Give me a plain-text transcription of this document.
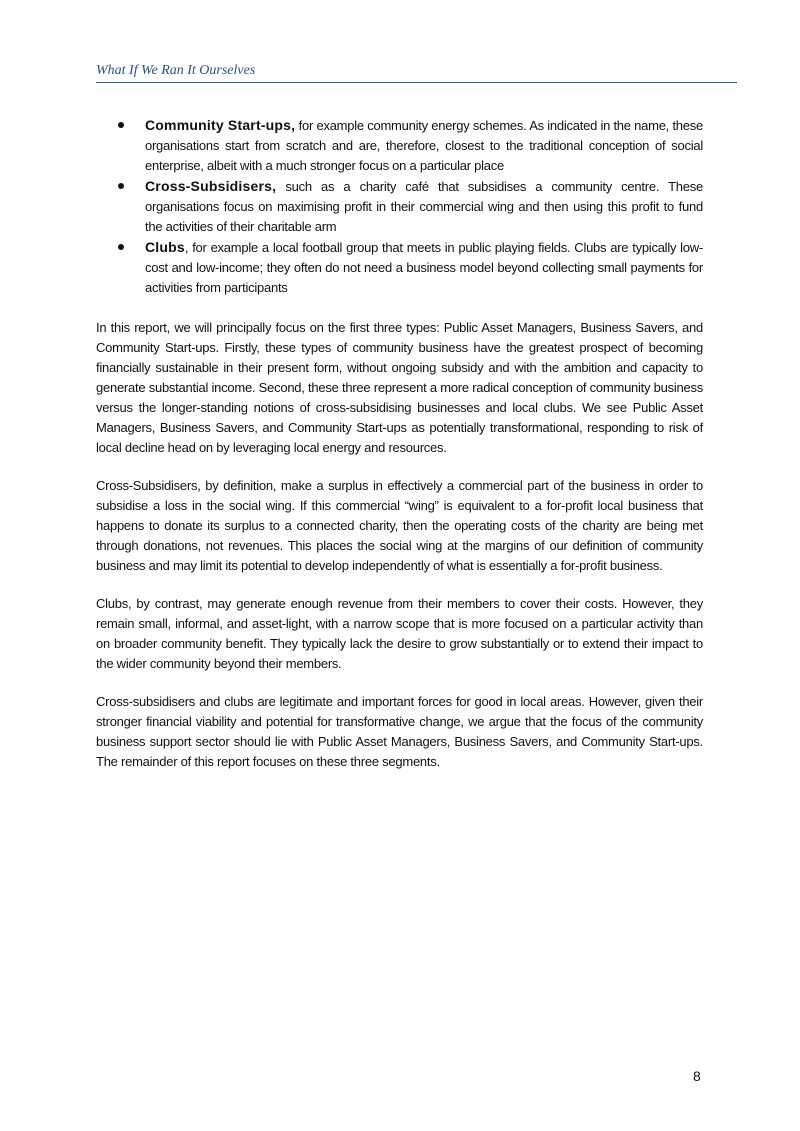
What If We Ran It Ourselves
Community Start-ups, for example community energy schemes. As indicated in the name, these organisations start from scratch and are, therefore, closest to the traditional conception of social enterprise, albeit with a much stronger focus on a particular place
Cross-Subsidisers, such as a charity café that subsidises a community centre. These organisations focus on maximising profit in their commercial wing and then using this profit to fund the activities of their charitable arm
Clubs, for example a local football group that meets in public playing fields. Clubs are typically low-cost and low-income; they often do not need a business model beyond collecting small payments for activities from participants

In this report, we will principally focus on the first three types: Public Asset Managers, Business Savers, and Community Start-ups. Firstly, these types of community business have the greatest prospect of becoming financially sustainable in their present form, without ongoing subsidy and with the ambition and capacity to generate substantial income. Second, these three represent a more radical conception of community business versus the longer-standing notions of cross-subsidising businesses and local clubs. We see Public Asset Managers, Business Savers, and Community Start-ups as potentially transformational, responding to risk of local decline head on by leveraging local energy and resources.

Cross-Subsidisers, by definition, make a surplus in effectively a commercial part of the business in order to subsidise a loss in the social wing. If this commercial “wing” is equivalent to a for-profit local business that happens to donate its surplus to a connected charity, then the operating costs of the charity are being met through donations, not revenues. This places the social wing at the margins of our definition of community business and may limit its potential to develop independently of what is essentially a for-profit business.

Clubs, by contrast, may generate enough revenue from their members to cover their costs. However, they remain small, informal, and asset-light, with a narrow scope that is more focused on a particular activity than on broader community benefit. They typically lack the desire to grow substantially or to extend their impact to the wider community beyond their members.

Cross-subsidisers and clubs are legitimate and important forces for good in local areas. However, given their stronger financial viability and potential for transformative change, we argue that the focus of the community business support sector should lie with Public Asset Managers, Business Savers, and Community Start-ups. The remainder of this report focuses on these three segments.

8
